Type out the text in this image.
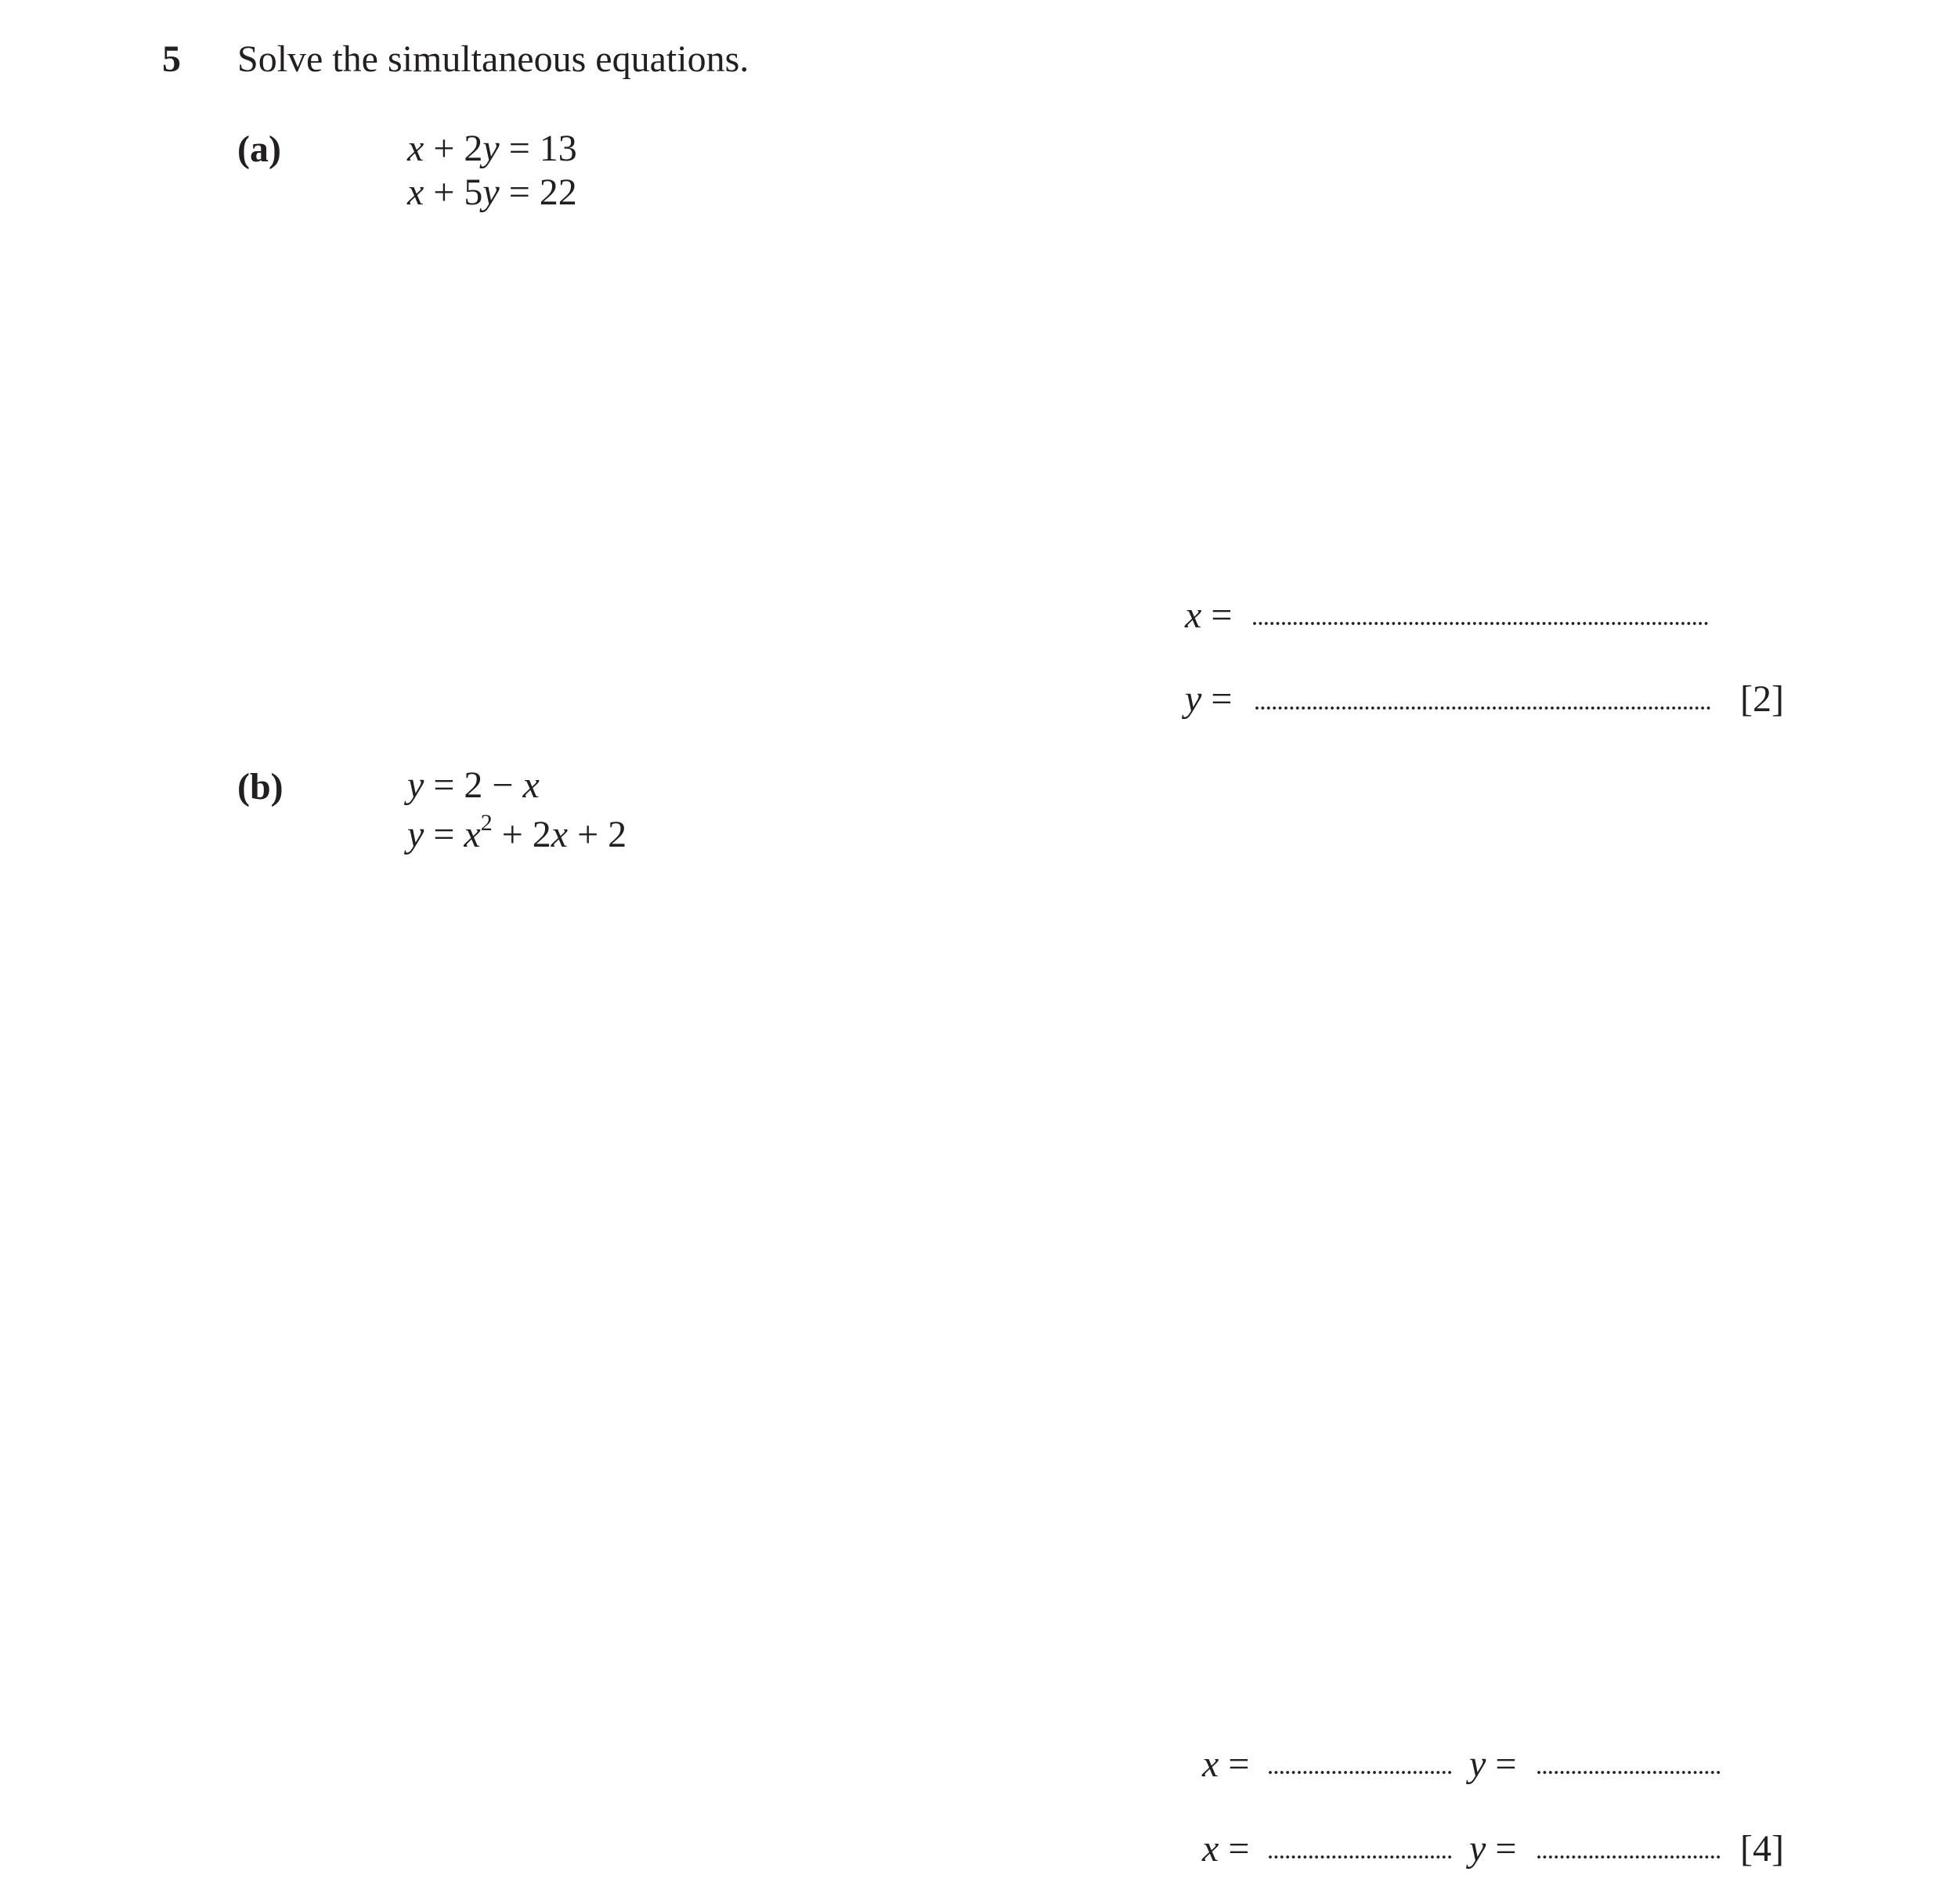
5 Solve the simultaneous equations.
(a)	x + 2y = 13
x + 5y = 22
x =
y =	[2]
(b)	y = 2 − x
$y = x^2 + 2x + 2$
x =	y =
x =	y =	[4]
